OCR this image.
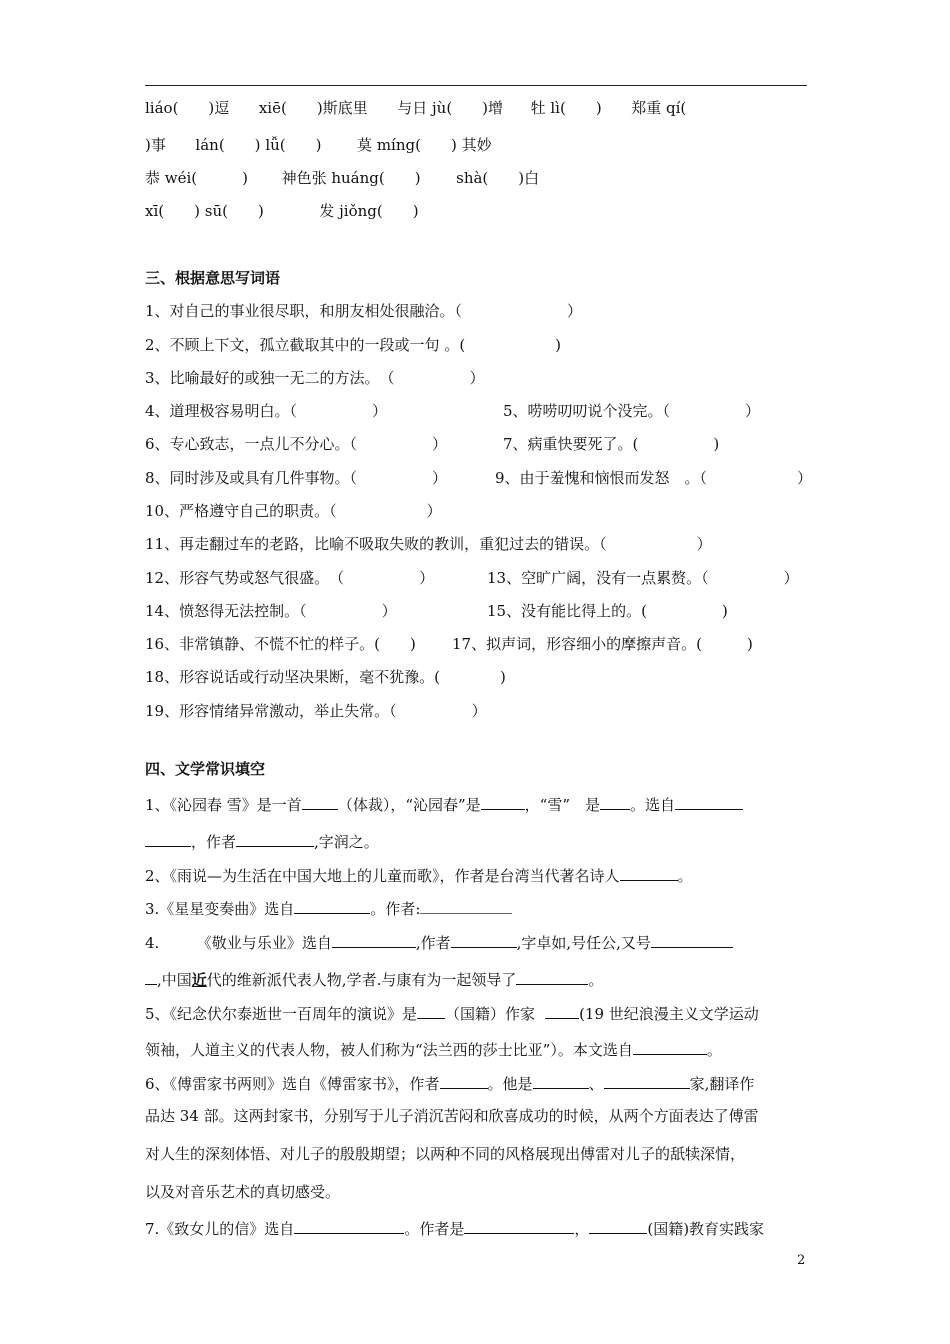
liáo(　　)逗 xiē(　　)斯底里 与日 jù(　　)增 牡 lì(　　) 郑重 qí(
)事 lán(　　) lǚ(　　) 莫 míng(　　) 其妙
恭 wéi(　　　) 神色张 huáng(　　) shà(　　)白
xī(　　) sū(　　)	发 jiǒng(　　)
三、根据意思写词语
1、对自己的事业很尽职，和朋友相处很融洽。（　　　　　　　）
2、不顾上下文，孤立截取其中的一段或一句 。(　　　　　　)
3、比喻最好的或独一无二的方法。　（　　　　　）
4、道理极容易明白。（　　　　　）	5、唠唠叨叨说个没完。（　　　　　）
6、专心致志，一点儿不分心。（　　　　　）	7、病重快要死了。(　　　　　)
8、同时涉及或具有几件事物。（　　　　　）	9、由于羞愧和恼恨而发怒　。（　　　　　　）
10、严格遵守自己的职责。（　　　　　　）
11、再走翻过车的老路，比喻不吸取失败的教训，重犯过去的错误。（　　　　　　）
12、形容气势或怒气很盛。　（　　　　　）	13、空旷广阔，没有一点累赘。（　　　　　）
14、愤怒得无法控制。（　　　　　）	15、没有能比得上的。(　　　　　)
16、非常镇静、不慌不忙的样子。(　　) 17、拟声词，形容细小的摩擦声音。(　　　)
18、形容说话或行动坚决果断，毫不犹豫。(　　　　)
19、形容情绪异常激动，举止失常。（　　　　　）
四、文学常识填空
1、《沁园春 雪》是一首 （体裁），“沁园春”是	，“雪”　是 。选自
，作者	,字润之。
2、《雨说—为生活在中国大地上的儿童而歌》，作者是台湾当代著名诗人	。
3.《星星变奏曲》选自	。作者:
4.　　　《敬业与乐业》选自	,作者	,字卓如,号任公,又号
,中国近代的维新派代表人物,学者.与康有为一起领导了	。
5、《纪念伏尔泰逝世一百周年的演说》是 （国籍）作家	(19 世纪浪漫主义文学运动
领袖，人道主义的代表人物，被人们称为“法兰西的莎士比亚”）。本文选自	。
6、《傅雷家书两则》选自《傅雷家书》，作者	。他是	、	家,翻译作
品达 34 部。这两封家书，分别写于儿子消沉苦闷和欣喜成功的时候，从两个方面表达了傅雷
对人生的深刻体悟、对儿子的殷殷期望；以两种不同的风格展现出傅雷对儿子的舐犊深情，
以及对音乐艺术的真切感受。
7.《致女儿的信》选自	。作者是	，	(国籍)教育实践家
2
